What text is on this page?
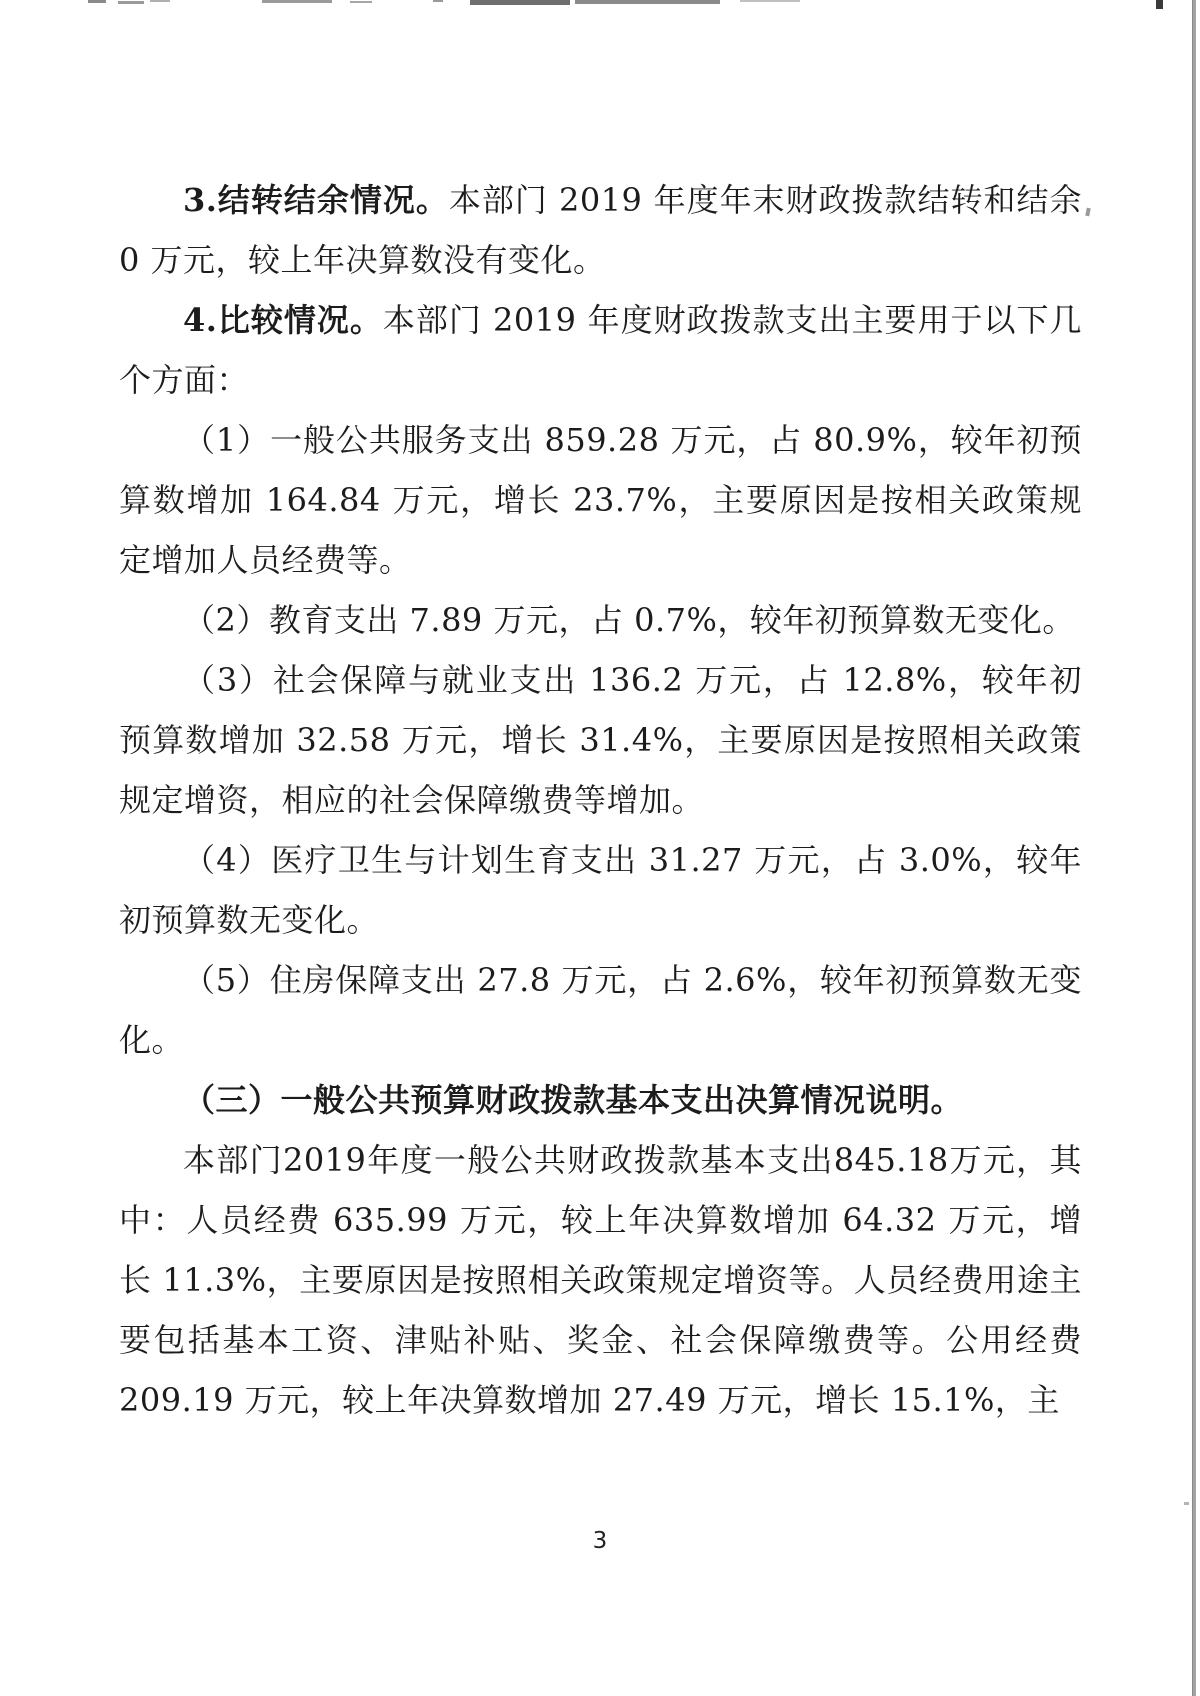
3.结转结余情况。本部门 2019 年度年末财政拨款结转和结余 0 万元，较上年决算数没有变化。

4.比较情况。本部门 2019 年度财政拨款支出主要用于以下几个方面：

（1）一般公共服务支出 859.28 万元，占 80.9%，较年初预算数增加 164.84 万元，增长 23.7%，主要原因是按相关政策规定增加人员经费等。

（2）教育支出 7.89 万元，占 0.7%，较年初预算数无变化。

（3）社会保障与就业支出 136.2 万元，占 12.8%，较年初预算数增加 32.58 万元，增长 31.4%，主要原因是按照相关政策规定增资，相应的社会保障缴费等增加。

（4）医疗卫生与计划生育支出 31.27 万元，占 3.0%，较年初预算数无变化。

（5）住房保障支出 27.8 万元，占 2.6%，较年初预算数无变化。

（三）一般公共预算财政拨款基本支出决算情况说明。

本部门2019年度一般公共财政拨款基本支出845.18万元，其中：人员经费 635.99 万元，较上年决算数增加 64.32 万元，增长 11.3%，主要原因是按照相关政策规定增资等。人员经费用途主要包括基本工资、津贴补贴、奖金、社会保障缴费等。公用经费 209.19 万元，较上年决算数增加 27.49 万元，增长 15.1%，主

3
